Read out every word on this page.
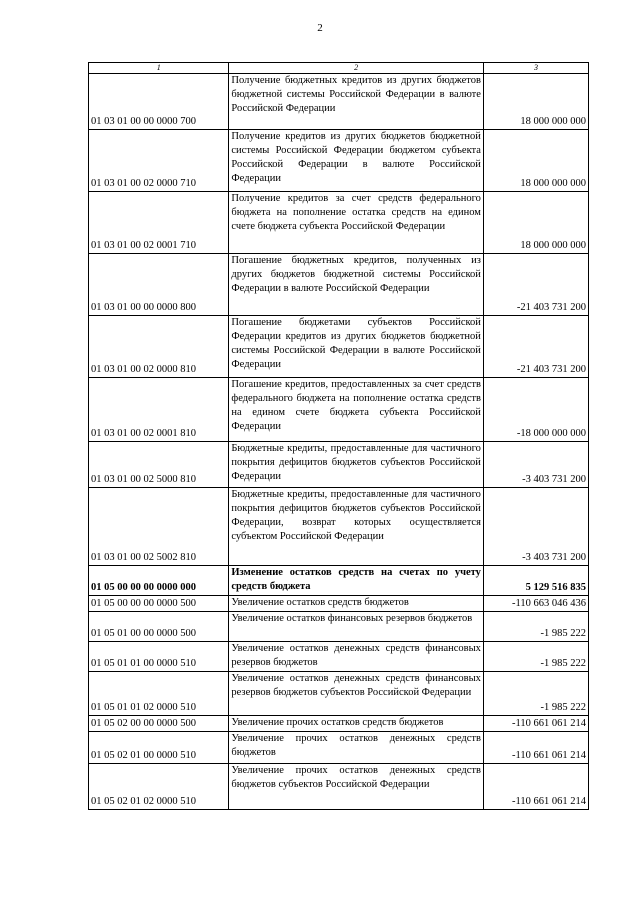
2
1	2	3
01 03 01 00 00 0000 700	Получение бюджетных кредитов из других бюджетов бюджетной системы Российской Федерации в валюте Российской Федерации	18 000 000 000
01 03 01 00 02 0000 710	Получение кредитов из других бюджетов бюджетной системы Российской Федерации бюджетом субъекта Российской Федерации в валюте Российской Федерации	18 000 000 000
01 03 01 00 02 0001 710	Получение кредитов за счет средств федерального бюджета на пополнение остатка средств на едином счете бюджета субъекта Российской Федерации	18 000 000 000
01 03 01 00 00 0000 800	Погашение бюджетных кредитов, полученных из других бюджетов бюджетной системы Российской Федерации в валюте Российской Федерации	-21 403 731 200
01 03 01 00 02 0000 810	Погашение бюджетами субъектов Российской Федерации кредитов из других бюджетов бюджетной системы Российской Федерации в валюте Российской Федерации	-21 403 731 200
01 03 01 00 02 0001 810	Погашение кредитов, предоставленных за счет средств федерального бюджета на пополнение остатка средств на едином счете бюджета субъекта Российской Федерации	-18 000 000 000
01 03 01 00 02 5000 810	Бюджетные кредиты, предоставленные для частичного покрытия дефицитов бюджетов субъектов Российской Федерации	-3 403 731 200
01 03 01 00 02 5002 810	Бюджетные кредиты, предоставленные для частичного покрытия дефицитов бюджетов субъектов Российской Федерации, возврат которых осуществляется субъектом Российской Федерации	-3 403 731 200
01 05 00 00 00 0000 000	Изменение остатков средств на счетах по учету средств бюджета	5 129 516 835
01 05 00 00 00 0000 500	Увеличение остатков средств бюджетов	-110 663 046 436
01 05 01 00 00 0000 500	Увеличение остатков финансовых резервов бюджетов	-1 985 222
01 05 01 01 00 0000 510	Увеличение остатков денежных средств финансовых резервов бюджетов	-1 985 222
01 05 01 01 02 0000 510	Увеличение остатков денежных средств финансовых резервов бюджетов субъектов Российской Федерации	-1 985 222
01 05 02 00 00 0000 500	Увеличение прочих остатков средств бюджетов	-110 661 061 214
01 05 02 01 00 0000 510	Увеличение прочих остатков денежных средств бюджетов	-110 661 061 214
01 05 02 01 02 0000 510	Увеличение прочих остатков денежных средств бюджетов субъектов Российской Федерации	-110 661 061 214
